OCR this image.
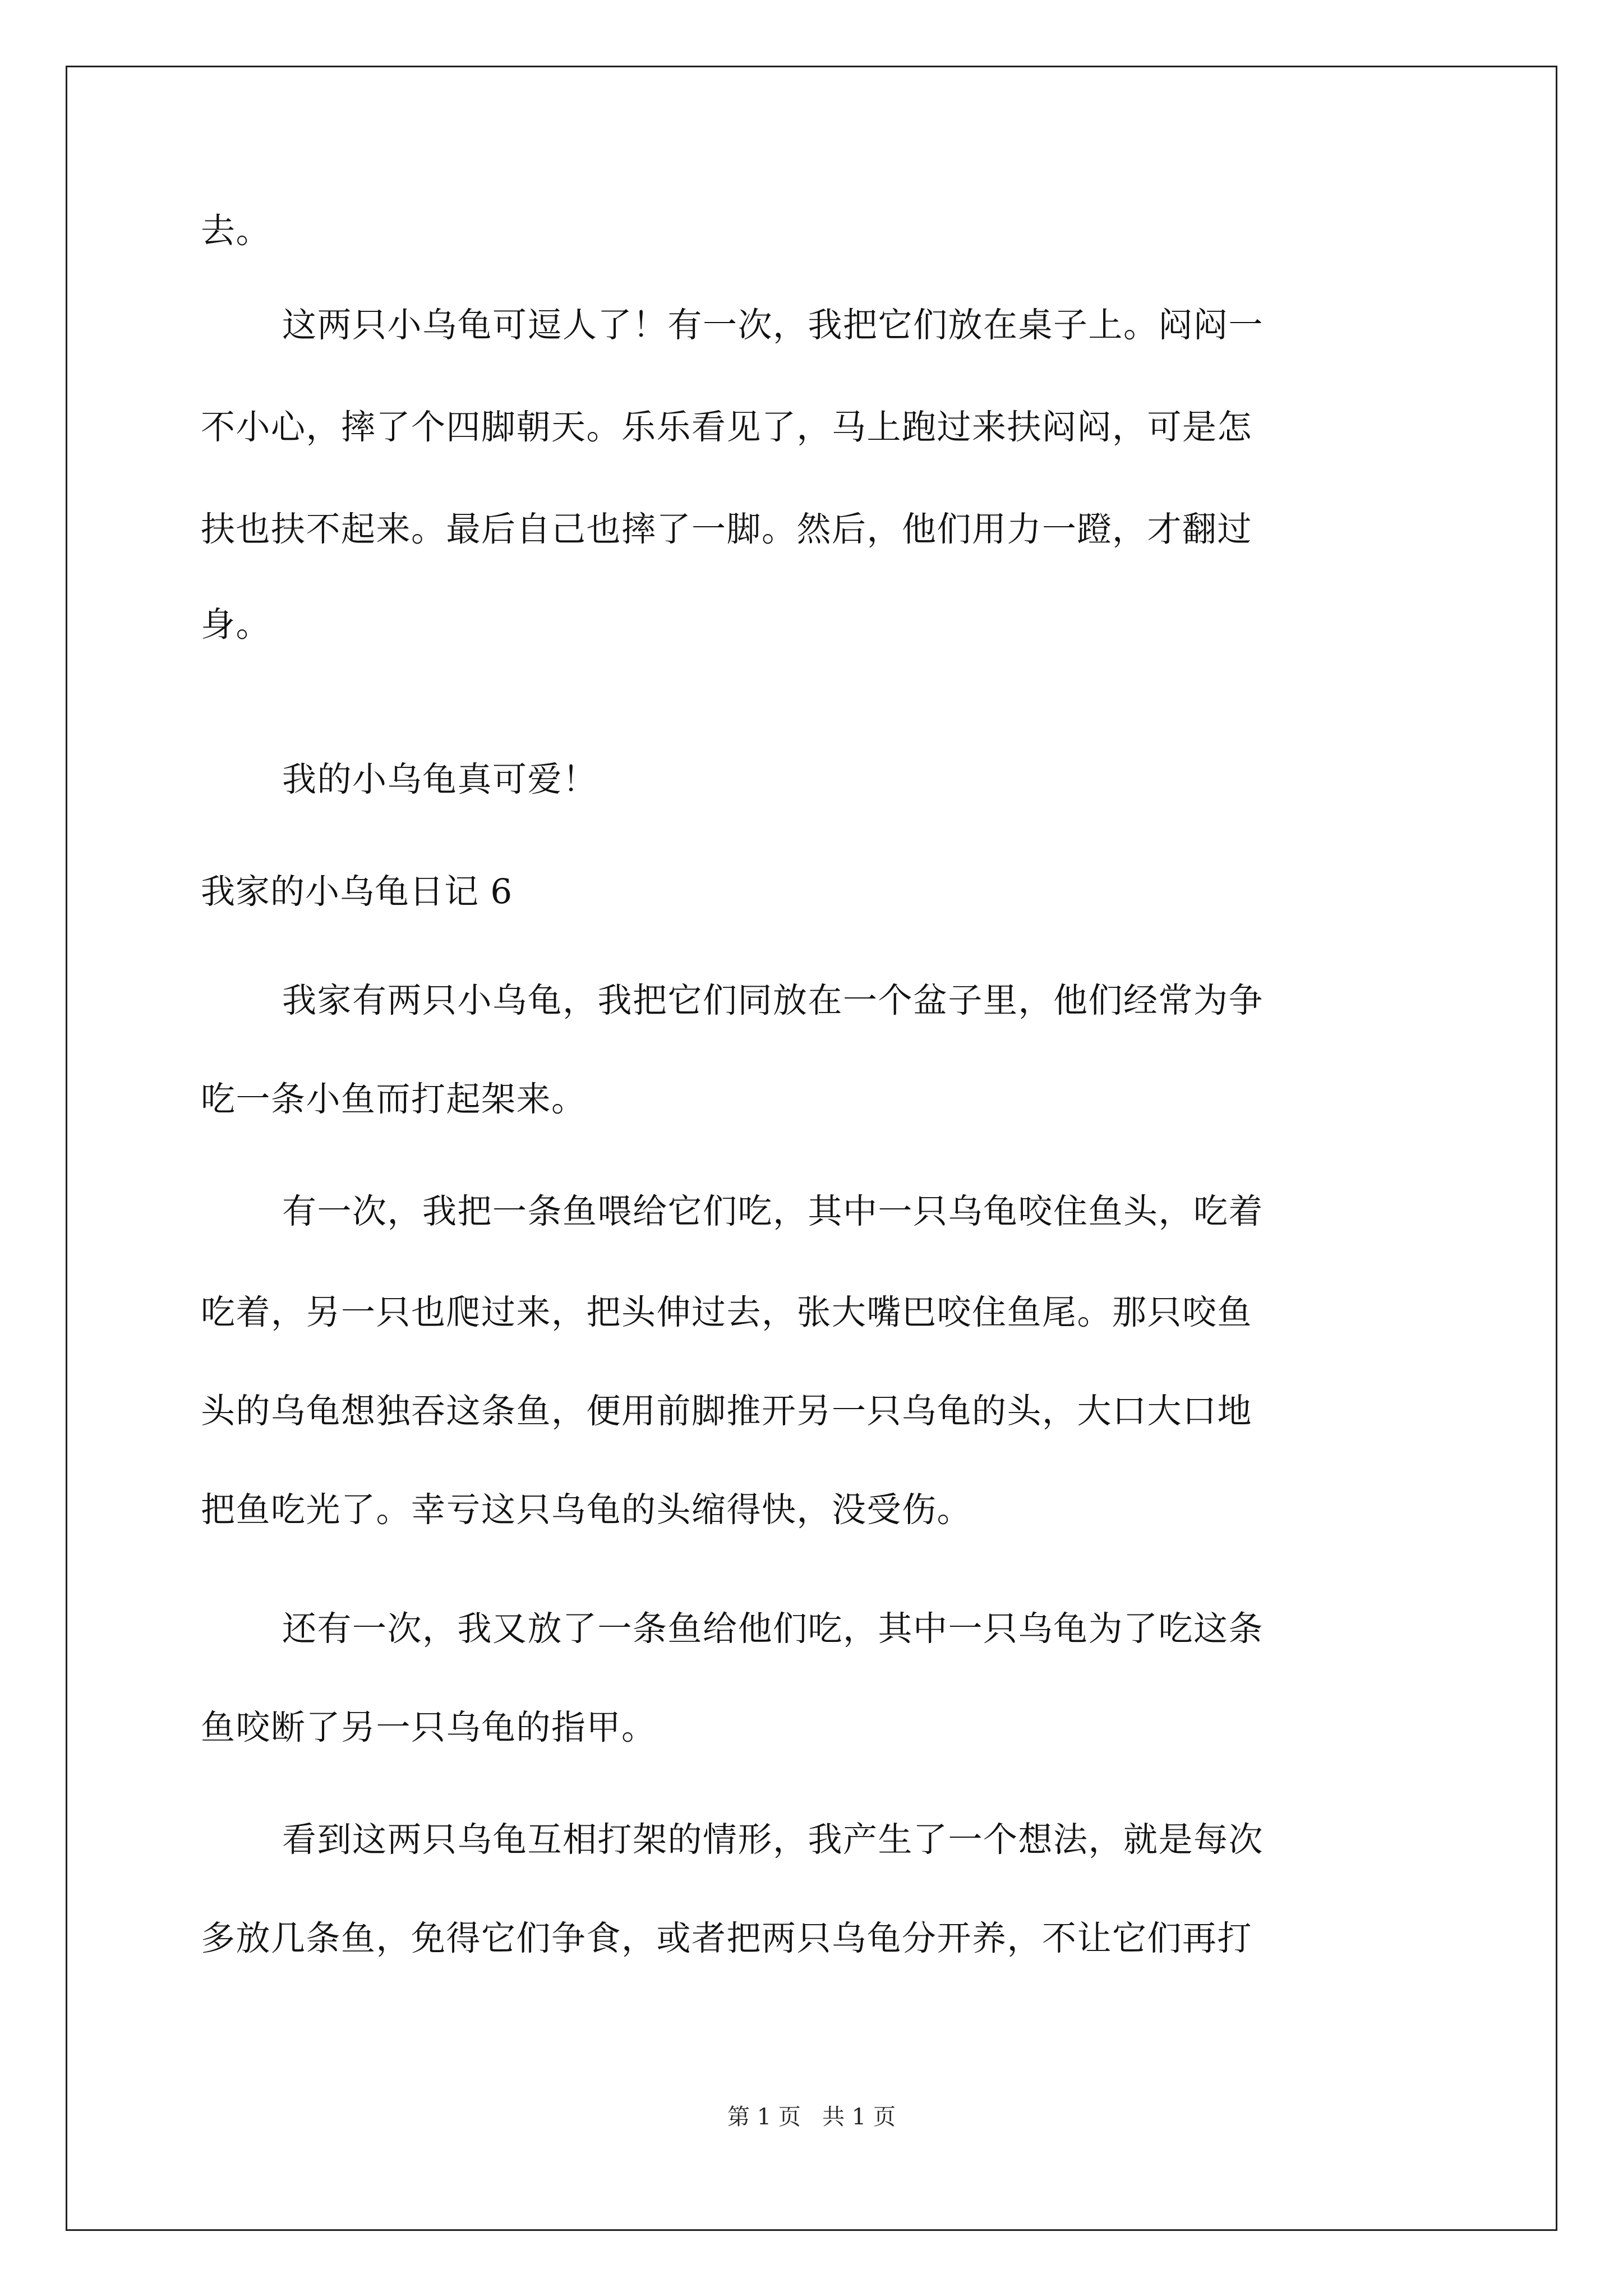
去。
这两只小乌龟可逗人了！有一次，我把它们放在桌子上。闷闷一
不小心，摔了个四脚朝天。乐乐看见了，马上跑过来扶闷闷，可是怎
扶也扶不起来。最后自己也摔了一脚。然后，他们用力一蹬，才翻过
身。
我的小乌龟真可爱！
我家的小乌龟日记 6
我家有两只小乌龟，我把它们同放在一个盆子里，他们经常为争
吃一条小鱼而打起架来。
有一次，我把一条鱼喂给它们吃，其中一只乌龟咬住鱼头，吃着
吃着，另一只也爬过来，把头伸过去，张大嘴巴咬住鱼尾。那只咬鱼
头的乌龟想独吞这条鱼，便用前脚推开另一只乌龟的头，大口大口地
把鱼吃光了。幸亏这只乌龟的头缩得快，没受伤。
还有一次，我又放了一条鱼给他们吃，其中一只乌龟为了吃这条
鱼咬断了另一只乌龟的指甲。
看到这两只乌龟互相打架的情形，我产生了一个想法，就是每次
多放几条鱼，免得它们争食，或者把两只乌龟分开养，不让它们再打
第 1 页   共 1 页
